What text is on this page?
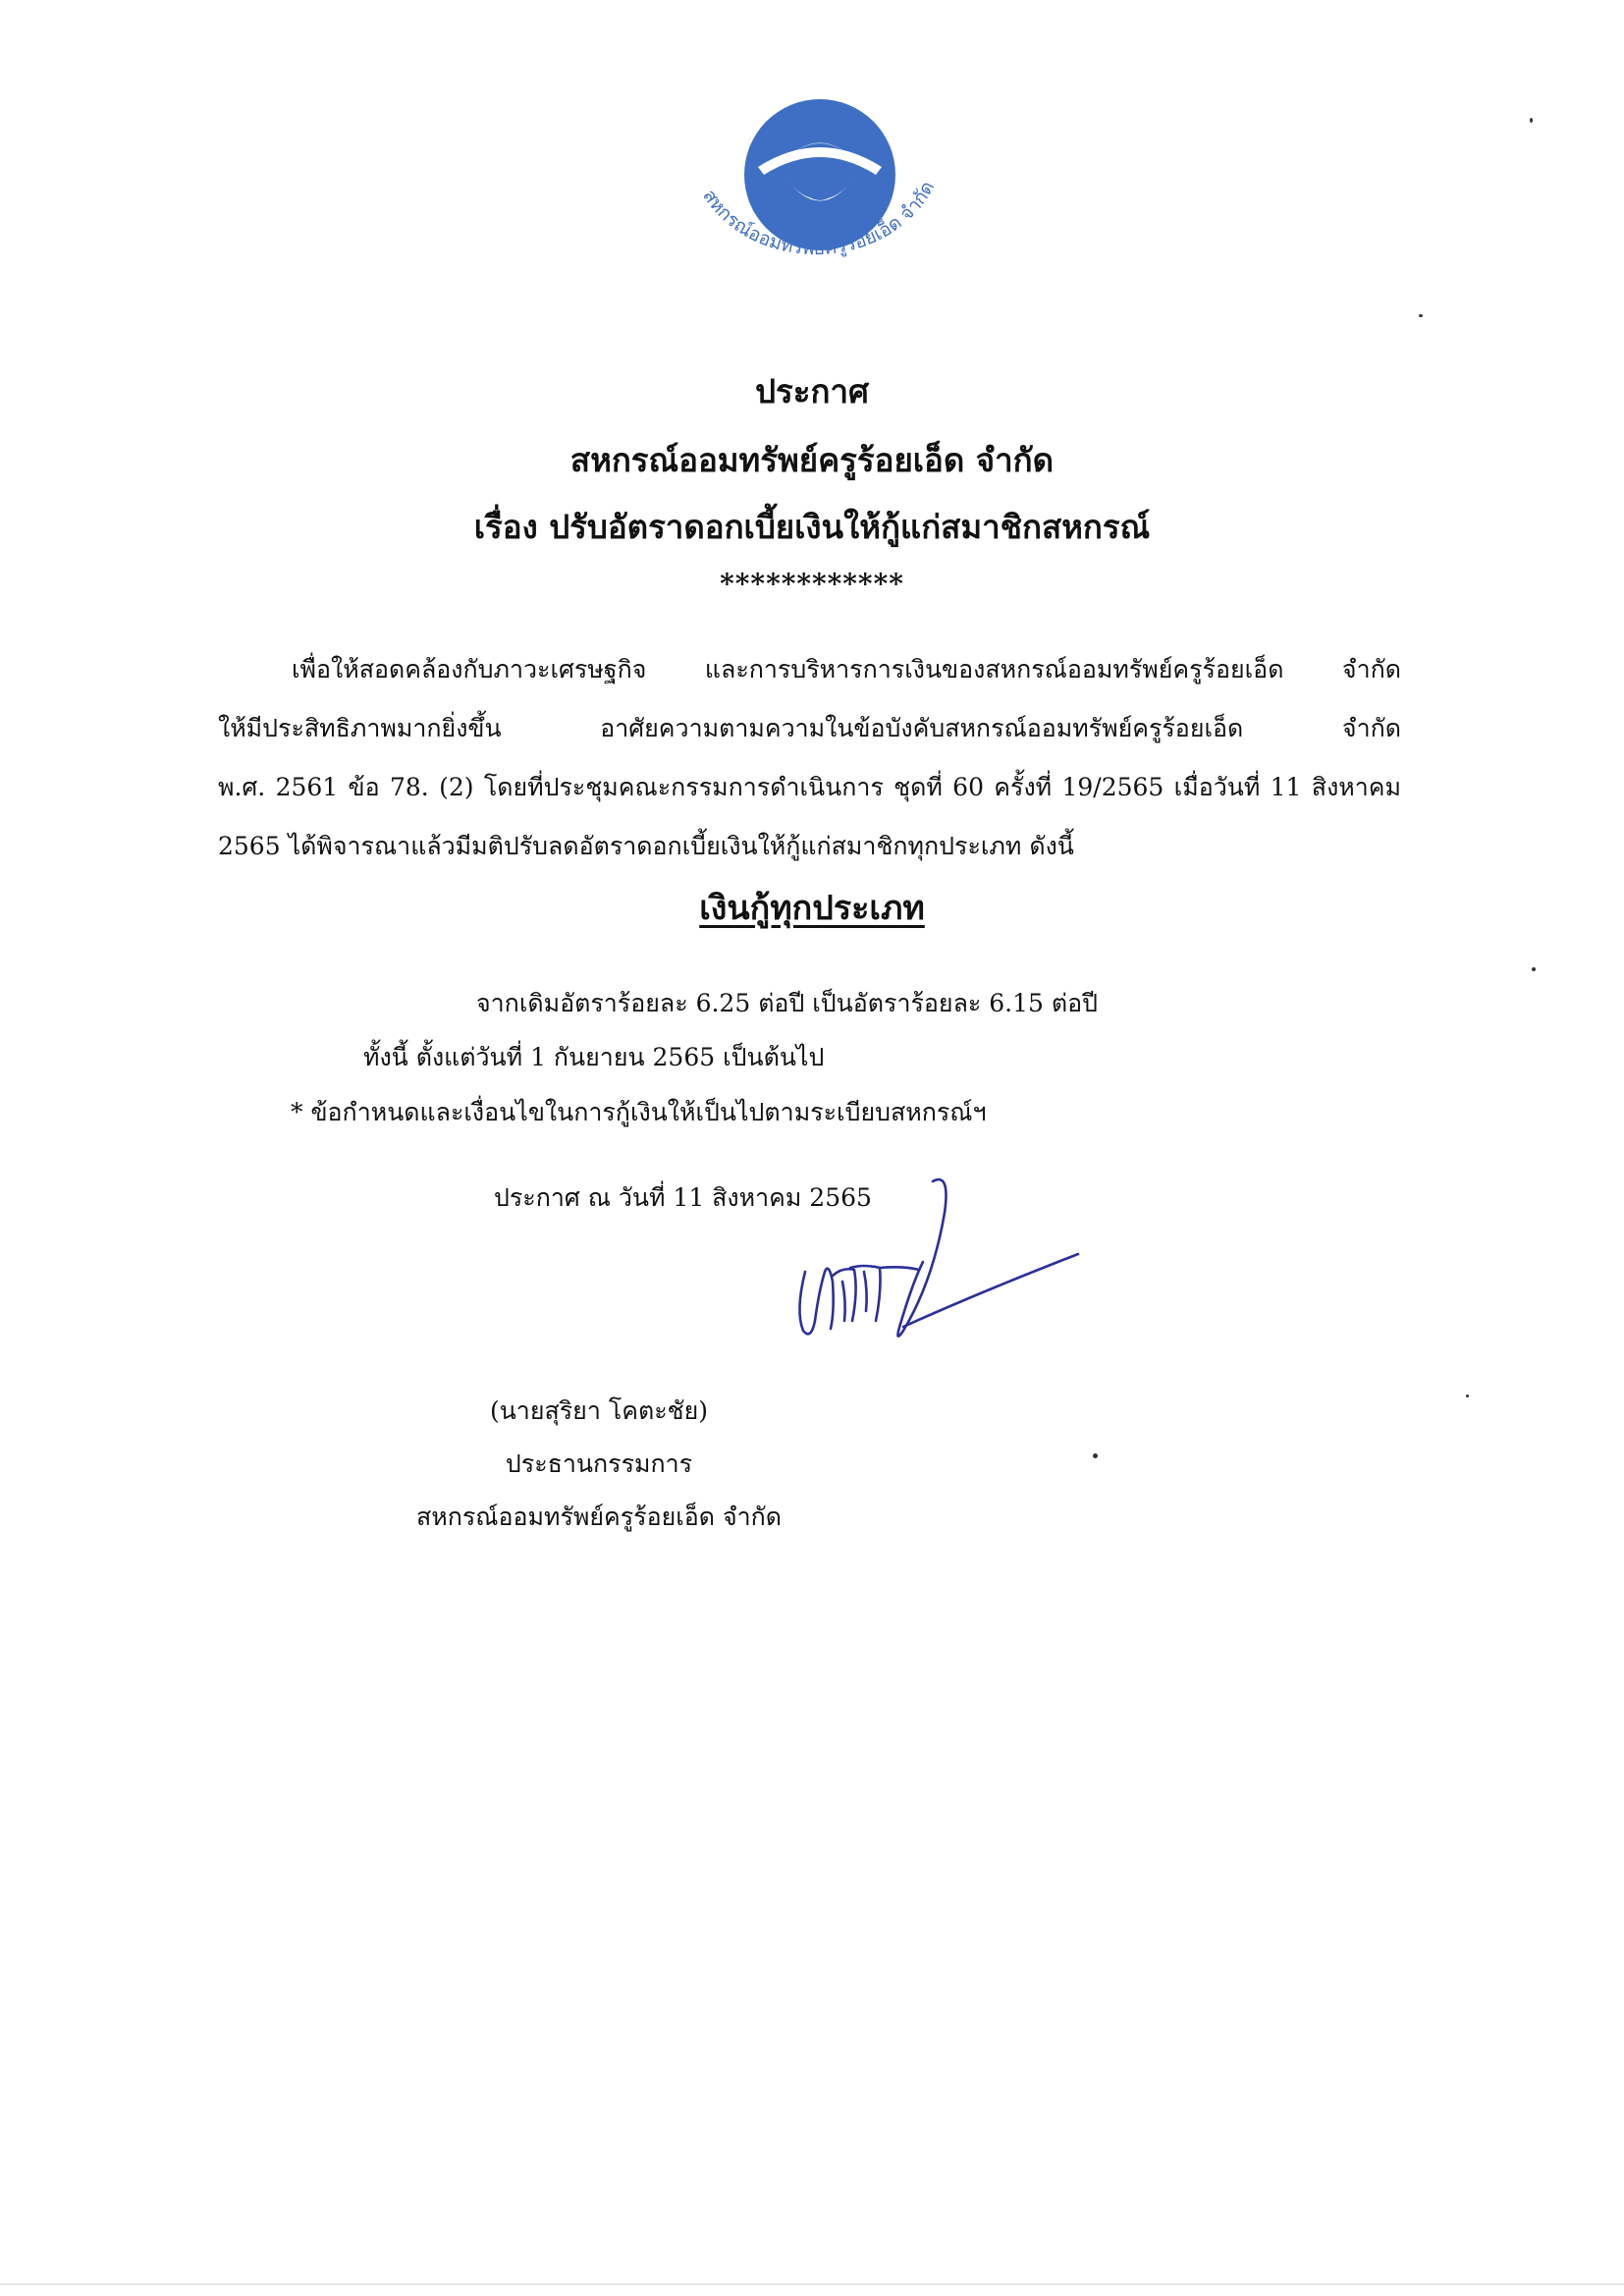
สหกรณ์ออมทรัพย์ครูร้อยเอ็ด จำกัด
ประกาศ
สหกรณ์ออมทรัพย์ครูร้อยเอ็ด จำกัด
เรื่อง ปรับอัตราดอกเบี้ยเงินให้กู้แก่สมาชิกสหกรณ์
************
เพื่อให้สอดคล้องกับภาวะเศรษฐกิจ และการบริหารการเงินของสหกรณ์ออมทรัพย์ครูร้อยเอ็ด จำกัด
ให้มีประสิทธิภาพมากยิ่งขึ้น อาศัยความตามความในข้อบังคับสหกรณ์ออมทรัพย์ครูร้อยเอ็ด จำกัด
พ.ศ. 2561 ข้อ 78. (2) โดยที่ประชุมคณะกรรมการดำเนินการ ชุดที่ 60 ครั้งที่ 19/2565 เมื่อวันที่ 11 สิงหาคม
2565 ได้พิจารณาแล้วมีมติปรับลดอัตราดอกเบี้ยเงินให้กู้แก่สมาชิกทุกประเภท ดังนี้
เงินกู้ทุกประเภท
จากเดิมอัตราร้อยละ 6.25 ต่อปี เป็นอัตราร้อยละ 6.15 ต่อปี
ทั้งนี้ ตั้งแต่วันที่ 1 กันยายน 2565 เป็นต้นไป
* ข้อกำหนดและเงื่อนไขในการกู้เงินให้เป็นไปตามระเบียบสหกรณ์ฯ
ประกาศ ณ วันที่ 11 สิงหาคม 2565
(นายสุริยา โคตะชัย)
ประธานกรรมการ
สหกรณ์ออมทรัพย์ครูร้อยเอ็ด จำกัด
